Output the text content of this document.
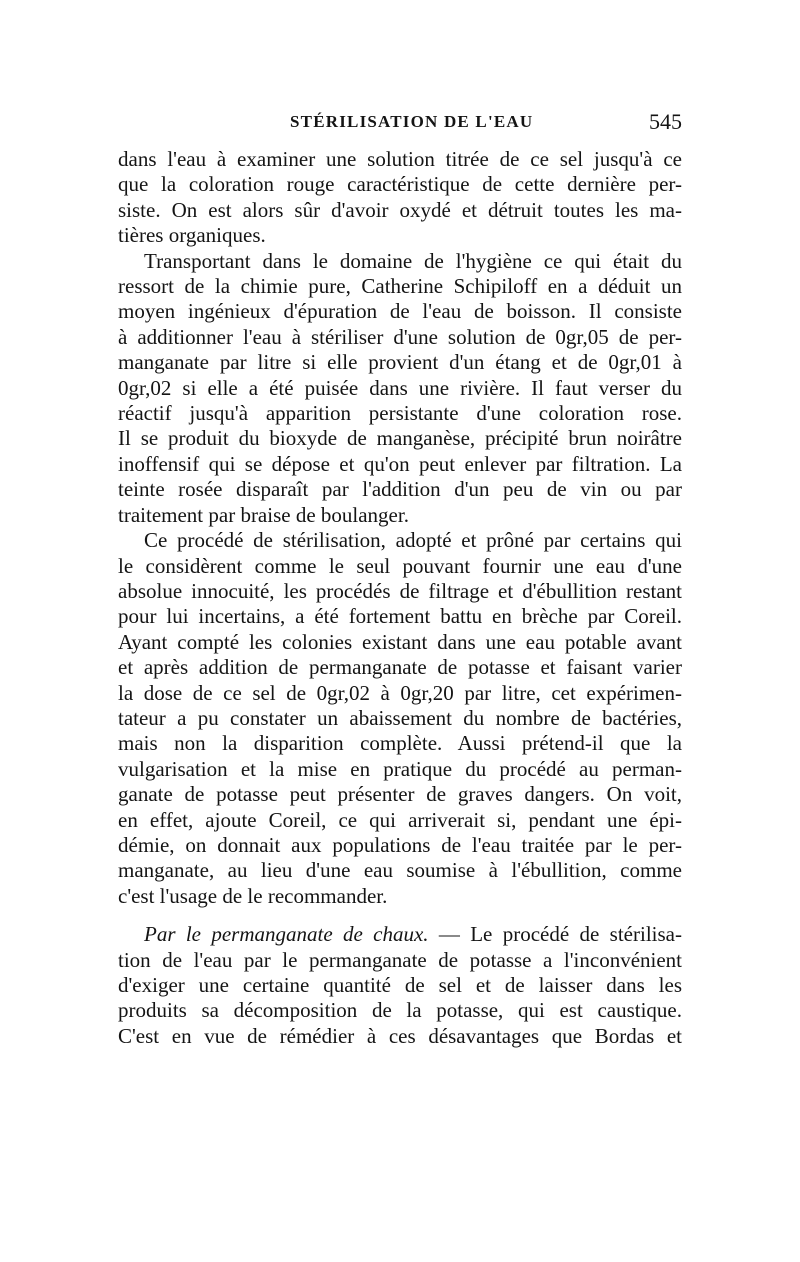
STÉRILISATION DE L'EAU	545

dans l'eau à examiner une solution titrée de ce sel jusqu'à ce
que la coloration rouge caractéristique de cette dernière per-
siste. On est alors sûr d'avoir oxydé et détruit toutes les ma-
tières organiques.

Transportant dans le domaine de l'hygiène ce qui était du
ressort de la chimie pure, Catherine Schipiloff en a déduit un
moyen ingénieux d'épuration de l'eau de boisson. Il consiste
à additionner l'eau à stériliser d'une solution de 0gr,05 de per-
manganate par litre si elle provient d'un étang et de 0gr,01 à
0gr,02 si elle a été puisée dans une rivière. Il faut verser du
réactif jusqu'à apparition persistante d'une coloration rose.
Il se produit du bioxyde de manganèse, précipité brun noirâtre
inoffensif qui se dépose et qu'on peut enlever par filtration. La
teinte rosée disparaît par l'addition d'un peu de vin ou par
traitement par braise de boulanger.

Ce procédé de stérilisation, adopté et prôné par certains qui
le considèrent comme le seul pouvant fournir une eau d'une
absolue innocuité, les procédés de filtrage et d'ébullition restant
pour lui incertains, a été fortement battu en brèche par Coreil.
Ayant compté les colonies existant dans une eau potable avant
et après addition de permanganate de potasse et faisant varier
la dose de ce sel de 0gr,02 à 0gr,20 par litre, cet expérimen-
tateur a pu constater un abaissement du nombre de bactéries,
mais non la disparition complète. Aussi prétend-il que la
vulgarisation et la mise en pratique du procédé au perman-
ganate de potasse peut présenter de graves dangers. On voit,
en effet, ajoute Coreil, ce qui arriverait si, pendant une épi-
démie, on donnait aux populations de l'eau traitée par le per-
manganate, au lieu d'une eau soumise à l'ébullition, comme
c'est l'usage de le recommander.

Par le permanganate de chaux. — Le procédé de stérilisa-
tion de l'eau par le permanganate de potasse a l'inconvénient
d'exiger une certaine quantité de sel et de laisser dans les
produits sa décomposition de la potasse, qui est caustique.
C'est en vue de rémédier à ces désavantages que Bordas et
